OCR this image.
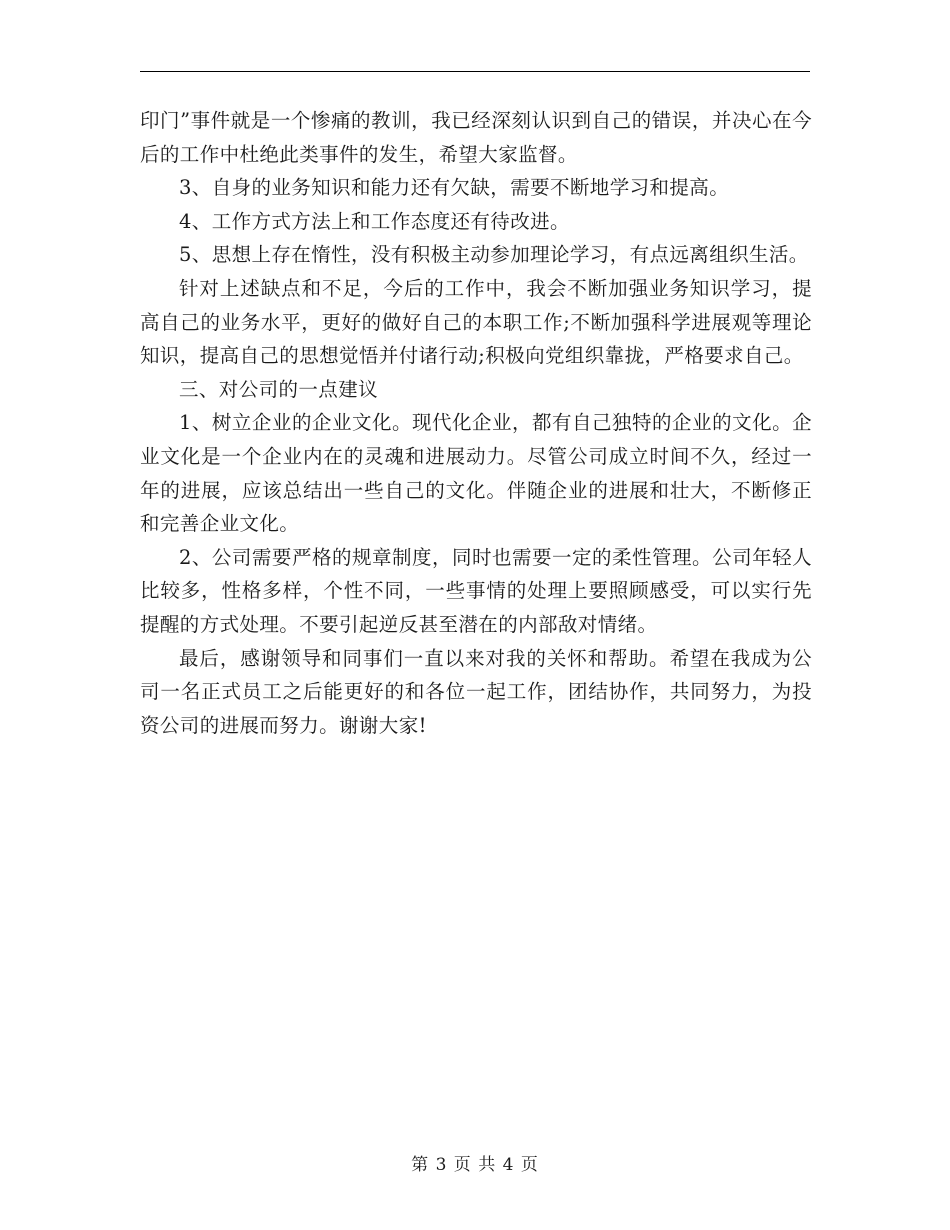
印门”事件就是一个惨痛的教训，我已经深刻认识到自己的错误，并决心在今后的工作中杜绝此类事件的发生，希望大家监督。

3、自身的业务知识和能力还有欠缺，需要不断地学习和提高。

4、工作方式方法上和工作态度还有待改进。

5、思想上存在惰性，没有积极主动参加理论学习，有点远离组织生活。

针对上述缺点和不足，今后的工作中，我会不断加强业务知识学习，提高自己的业务水平，更好的做好自己的本职工作;不断加强科学进展观等理论知识，提高自己的思想觉悟并付诸行动;积极向党组织靠拢，严格要求自己。

三、对公司的一点建议

1、树立企业的企业文化。现代化企业，都有自己独特的企业的文化。企业文化是一个企业内在的灵魂和进展动力。尽管公司成立时间不久，经过一年的进展，应该总结出一些自己的文化。伴随企业的进展和壮大，不断修正和完善企业文化。

2、公司需要严格的规章制度，同时也需要一定的柔性管理。公司年轻人比较多，性格多样，个性不同，一些事情的处理上要照顾感受，可以实行先提醒的方式处理。不要引起逆反甚至潜在的内部敌对情绪。

最后，感谢领导和同事们一直以来对我的关怀和帮助。希望在我成为公司一名正式员工之后能更好的和各位一起工作，团结协作，共同努力，为投资公司的进展而努力。谢谢大家!

第 3 页 共 4 页
